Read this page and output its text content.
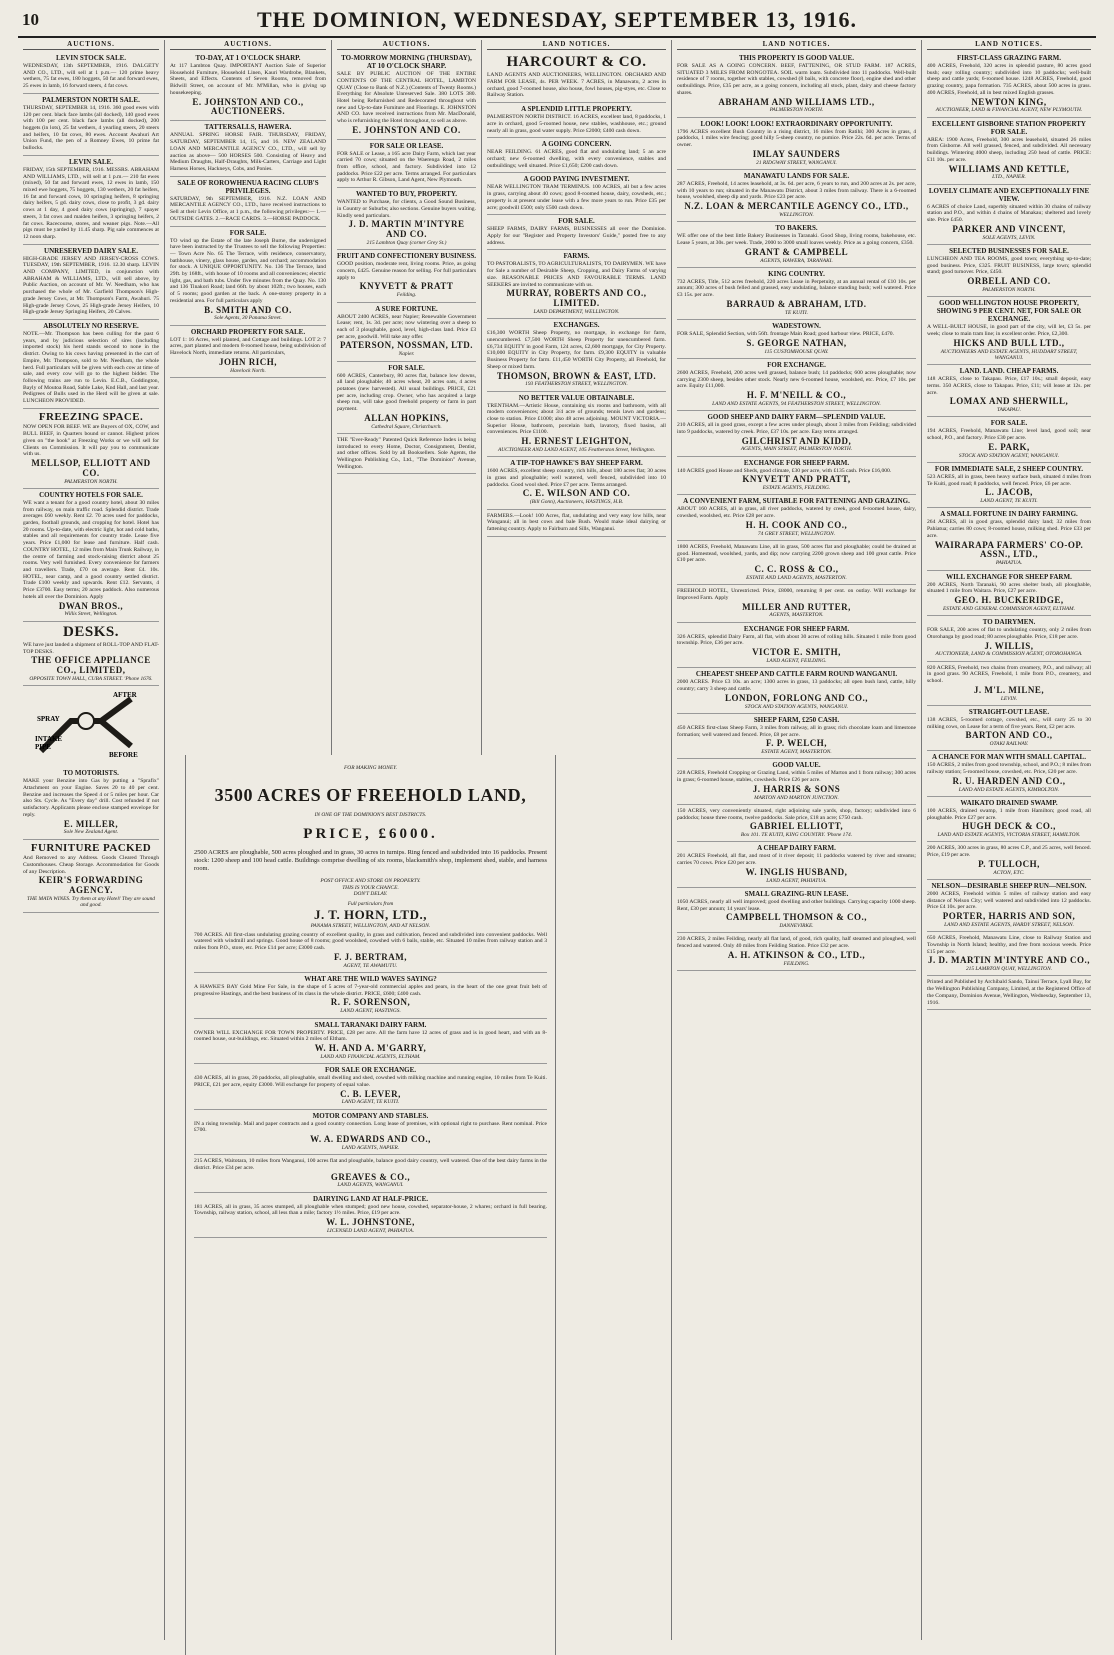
10	THE DOMINION, WEDNESDAY, SEPTEMBER 13, 1916.
AUCTIONS.
LEVIN STOCK SALE.
WEDNESDAY, 13th SEPTEMBER, 1916. DALGETY AND CO., LTD., will sell at 1 p.m.— 120 prime heavy wethers, 75 fat ewes, 180 hoggets, 50 fat and forward ewes, 25 ewes in lamb, 16 forward steers, 4 fat cows.
PALMERSTON NORTH SALE.
THURSDAY, SEPTEMBER 14, 1916. 360 good ewes with 120 per cent. black face lambs (all docked), 140 good ewes with 100 per cent. black face lambs (all docked), 200 hoggets (in lots), 25 fat wethers, 4 yearling steers, 20 steers and heifers, 10 fat cows, 80 ewes. Account Awahuri Art Union Fund, the pen of a Romney Ewes, 10 prime fat bullocks.
LEVIN SALE.
FRIDAY, 15th SEPTEMBER, 1916. MESSRS. ABRAHAM AND WILLIAMS, LTD., will sell at 1 p.m.— 210 fat ewes (mixed), 50 fat and forward ewes, 12 ewes in lamb, 150 mixed ewe hoggets, 75 hoggets, 130 wethers, 20 fat heifers, 16 fat and forward cows, 10 springing heifers, 8 springing dairy heifers, 5 gd. dairy cows, close to profit, 3 gd. dairy cows at 1 day, 4 good dairy cows (springing), 7 spayer steers, 3 fat cows and maiden heifers, 3 springing heifers, 2 fat cows. Racecourse, stores, and weaner pigs. Note.—All pigs must be yarded by 11.45 sharp. Pig sale commences at 12 noon sharp.
UNRESERVED DAIRY SALE.
HIGH-GRADE JERSEY AND JERSEY-CROSS COWS. TUESDAY, 19th SEPTEMBER, 1916. 12.30 sharp. LEVIN AND COMPANY, LIMITED, in conjunction with ABRAHAM & WILLIAMS, LTD., will sell above, by Public Auction, on account of Mr. W. Needham, who has purchased the whole of Mr. Garfield Thompson's High-grade Jersey Cows, at Mr. Thompson's Farm, Awahuri. 75 High-grade Jersey Cows, 25 High-grade Jersey Heifers, 10 High-grade Jersey Springing Heifers, 20 Calves.
ABSOLUTELY NO RESERVE.
NOTE.—Mr. Thompson has been culling for the past 6 years, and by judicious selection of sires (including imported stock) his herd stands second to none in the district. Owing to his cows having presented in the cart of Empire, Mr. Thompson, sold to Mr. Needham, the whole herd. Full particulars will be given with each cow at time of sale, and every cow will go to the highest bidder. The following trains are run to Levin. E.C.B., Goddington, Bayly of Moutoa Road, Sable Lake, Knd Hall, and last year. Pedigrees of Bulls used in the Herd will be given at sale. LUNCHEON PROVIDED.
FREEZING SPACE.
NOW OPEN FOR BEEF. WE are Buyers of OX, COW, and BULL BEEF, in Quarters bound or cannot. Highest prices given on "the hook" at Freezing Works or we will sell for Clients on Commission. It will pay you to communicate with us.
MELLSOP, ELLIOTT AND CO.
PALMERSTON NORTH.
COUNTRY HOTELS FOR SALE.
WE want a tenant for a good country hotel, about 30 miles from railway, on main traffic road. Splendid district. Trade averages £60 weekly. Rent £2. 70 acres used for paddocks, garden, football grounds, and cropping for hotel. Hotel has 20 rooms. Up-to-date, with electric light, hot and cold baths, stables and all requirements for country trade. Lease five years. Price £1,000 for lease and furniture. Half cash. COUNTRY HOTEL, 12 miles from Main Trunk Railway, in the centre of farming and stock-raising district about 25 rooms. Very well furnished. Every convenience for farmers and travellers. Trade, £70 on average. Rent £4. 10s. HOTEL, near camp, and a good country settled district. Trade £100 weekly and upwards. Rent £12. Servants, 4 Price £3700. Easy terms; 20 acres paddock. Also numerous hotels all over the Dominion. Apply
DWAN BROS.,
Willis Street, Wellington.
DESKS.
WE have just landed a shipment of ROLL-TOP AND FLAT-TOP DESKS.
THE OFFICE APPLIANCE CO., LIMITED,
OPPOSITE TOWN HALL, CUBA STREET. 'Phone 1676.
AFTER
SPRAY
INTAKE
PIPE
BEFORE
TO MOTORISTS.
MAKE your Benzine into Gas by putting a "Sprafix" Attachment on your Engine. Saves 20 to 40 per cent. Benzine and increases the Speed 4 or 5 miles per hour. Car also Sts. Cycle. As "Every day" drill. Cost refunded if not satisfactory. Applicants please enclose stamped envelope for reply.
E. MILLER,
Sole New Zealand Agent.
FURNITURE PACKED
And Removed to any Address. Goods Cleared Through Customhouses. Cheap Storage. Accommodation for Goods of any Description.
KEIR'S FORWARDING AGENCY.
THE MATA WINES. Try them at any Hotel! They are sound and good.
AUCTIONS.
TO-DAY, AT 1 O'CLOCK SHARP.
At 117 Lambton Quay. IMPORTANT Auction Sale of Superior Household Furniture, Household Linen, Kauri Wardrobe, Blankets, Sheets, and Effects. Contents of Seven Rooms, removed from Bidwill Street, on account of Mr. M'Millan, who is giving up housekeeping.
E. JOHNSTON AND CO., AUCTIONEERS.
TATTERSALLS, HAWERA.
ANNUAL SPRING HORSE FAIR. THURSDAY, FRIDAY, SATURDAY, SEPTEMBER 14, 15, and 16. NEW ZEALAND LOAN AND MERCANTILE AGENCY CO., LTD., will sell by auction as above— 500 HORSES 500. Consisting of Heavy and Medium Draughts, Half-Draughts, Milk-Carters, Carriage and Light Harness Horses, Hackneys, Cobs, and Ponies.
SALE OF ROROWHENUA RACING CLUB'S PRIVILEGES.
SATURDAY, 9th SEPTEMBER, 1916. N.Z. LOAN AND MERCANTILE AGENCY CO., LTD., have received instructions to Sell at their Levin Office, at 1 p.m., the following privileges:— 1.—OUTSIDE GATES. 2.—RACE CARDS. 3.—HORSE PADDOCK.
FOR SALE.
TO wind up the Estate of the late Joseph Burne, the undersigned have been instructed by the Trustees to sell the following Properties:— Town Acre No. 65 The Terrace, with residence, conservatory, bathhouse, vinery, glass house, garden, and orchard; accommodation for stock. A UNIQUE OPPORTUNITY. No. 136 The Terrace, land 29ft. by 168ft., with house of 10 rooms and all conveniences; electric light, gas, and bath tubs. Under five minutes from the Quay. No. 130 and 136 Tinakori Road; land 66ft. by about 102ft.; two houses, each of 5 rooms; good garden at the back. A one-storey property in a residential area. For full particulars apply
B. SMITH AND CO.
Sole Agents, 30 Panama Street.
ORCHARD PROPERTY FOR SALE.
LOT 1: 16 Acres, well planted, and Cottage and buildings. LOT 2: 7 acres, part planted and modern 8-roomed house, being subdivision of Havelock North, immediate returns. All particulars,
JOHN RICH,
Havelock North.
AUCTIONS.
TO-MORROW MORNING (THURSDAY), AT 10 O'CLOCK SHARP.
SALE BY PUBLIC AUCTION OF THE ENTIRE CONTENTS OF THE CENTRAL HOTEL, LAMBTON QUAY (Close to Bank of N.Z.) (Contents of Twenty Rooms.) Everything for Absolute Unreserved Sale. 380 LOTS 380. Hotel being Refurnished and Redecorated throughout with new and Up-to-date Furniture and Floorings. E. JOHNSTON AND CO. have received instructions from Mr. MacDonald, who is refurnishing the Hotel throughout, to sell as above.
E. JOHNSTON AND CO.
FOR SALE OR LEASE.
FOR SALE or Lease, a 165 acre Dairy Farm, which last year carried 70 cows; situated on the Waerenga Road, 2 miles from office, school, and factory. Subdivided into 12 paddocks. Price £22 per acre. Terms arranged. For particulars apply to Arthur R. Gibson, Land Agent, New Plymouth.
WANTED TO BUY, PROPERTY.
WANTED to Purchase, for clients, a Good Sound Business, in Country or Suburbs; also sections. Genuine buyers waiting. Kindly send particulars.
J. D. MARTIN M'INTYRE AND CO.
215 Lambton Quay (corner Grey St.)
FRUIT AND CONFECTIONERY BUSINESS.
GOOD position, moderate rent, living rooms. Price, as going concern, £425. Genuine reason for selling. For full particulars apply to
KNYVETT & PRATT
Feilding.
A SURE FORTUNE.
ABOUT 2400 ACRES, near Napier; Renewable Government Lease; rent, 1s. 3d. per acre; now wintering over a sheep to each of 3 ploughable, good, level, high-class land. Price £3 per acre, goodwill. Will take any offer.
PATERSON, NOSSMAN, LTD.
Napier.
FOR SALE.
600 ACRES, Canterbury, 80 acres flat, balance low downs, all land ploughable; 40 acres wheat, 20 acres oats, 4 acres potatoes (new harvested). All usual buildings. PRICE, £21 per acre, including crop. Owner, who has acquired a large sheep run, will take good freehold property or farm in part payment.
ALLAN HOPKINS,
Cathedral Square, Christchurch.
THE "Ever-Ready" Patented Quick Reference Index is being introduced to every Home, Doctor, Consignment, Dentist, and other offices. Sold by all Booksellers. Sole Agents, the Wellington Publishing Co., Ltd., "The Dominion" Avenue, Wellington.
LAND NOTICES.
HARCOURT & CO.
LAND AGENTS AND AUCTIONEERS, WELLINGTON. ORCHARD AND FARM FOR LEASE, 4s. PER WEEK. 7 ACRES, in Manawatu, 2 acres in orchard, good 7-roomed house, also house, fowl houses, pig-styes, etc. Close to Railway Station.
A SPLENDID LITTLE PROPERTY.
PALMERSTON NORTH DISTRICT. 16 ACRES, excellent land, 8 paddocks, 1 acre in orchard, good 5-roomed house, new stables, washhouse, etc.; ground nearly all in grass, good water supply. Price £2000; £400 cash down.
A GOING CONCERN.
NEAR FEILDING. 61 ACRES, good flat and undulating land; 5 an acre orchard; new 6-roomed dwelling, with every convenience, stables and outbuildings; well situated. Price £1,650; £200 cash down.
A GOOD PAYING INVESTMENT.
NEAR WELLINGTON TRAM TERMINUS. 100 ACRES, all but a few acres in grass, carrying about 40 cows; good 8-roomed house, dairy, cowsheds, etc.; property is at present under lease with a few more years to run. Price £35 per acre; goodwill £500; only £500 cash down.
FOR SALE.
SHEEP FARMS, DAIRY FARMS, BUSINESSES all over the Dominion. Apply for our "Register and Property Investors' Guide," posted free to any address.
FARMS.
TO PASTORALISTS, TO AGRICULTURALISTS, TO DAIRYMEN. WE have for Sale a number of Desirable Sheep, Cropping, and Dairy Farms of varying size. REASONABLE PRICES AND FAVOURABLE TERMS. LAND SEEKERS are invited to communicate with us.
MURRAY, ROBERTS AND CO., LIMITED.
LAND DEPARTMENT, WELLINGTON.
EXCHANGES.
£16,300 WORTH Sheep Property, no mortgage, in exchange for farm, unencumbered. £7,500 WORTH Sheep Property for unencumbered farm. £6,734 EQUITY in good Farm, 124 acres, £2,600 mortgage, for City Property. £10,000 EQUITY in City Property, for farm. £9,300 EQUITY in valuable Business Property for farm. £11,450 WORTH City Property, all Freehold, for Sheep or mixed farm.
THOMSON, BROWN & EAST, LTD.
193 FEATHERSTON STREET, WELLINGTON.
NO BETTER VALUE OBTAINABLE.
TRENTHAM.—Artistic House, containing six rooms and bathroom, with all modern conveniences; about 3/4 acre of grounds; tennis lawn and gardens; close to station. Price £1000; also 48 acres adjoining. MOUNT VICTORIA.—Superior House, bathroom, porcelain bath, lavatory, fixed basins, all conveniences. Price £1100.
H. ERNEST LEIGHTON,
AUCTIONEER AND LAND AGENT, 105 Featherston Street, Wellington.
A TIP-TOP HAWKE'S BAY SHEEP FARM.
1600 ACRES, excellent sheep country, rich hills, about 180 acres flat; 30 acres in grass and ploughable; well watered, well fenced, subdivided into 10 paddocks. Good wool shed. Price £7 per acre. Terms arranged.
C. E. WILSON AND CO.
(Bill Gonn), Auctioneers, HASTINGS, H.B.
FARMERS.—Look! 100 Acres, flat, undulating and very easy low hills, near Wanganui; all in best cows and bale Bush. Would make ideal dairying or fattening country. Apply to Fairburn and Sills, Wanganui.
LAND NOTICES.
THIS PROPERTY IS GOOD VALUE.
FOR SALE AS A GOING CONCERN. BEEF, FATTENING, OR STUD FARM. 187 ACRES, SITUATED 3 MILES FROM RONGOTEA. SOIL warm loam. Subdivided into 11 paddocks. Well-built residence of 7 rooms, together with stables, cowshed (8 bails, with concrete floor), engine shed and other outbuildings. Price, £35 per acre, as a going concern, including all stock, plant, dairy and cheese factory shares.
ABRAHAM AND WILLIAMS LTD.,
PALMERSTON NORTH.
LOOK! LOOK! LOOK! EXTRAORDINARY OPPORTUNITY.
1796 ACRES excellent Bush Country in a rising district, 16 miles from Ratihi; 300 Acres in grass, 4 paddocks, 1 miles wire fencing; good hilly 5-sheep country, no pumice. Price 22s. 6d. per acre. Terms of owner.
IMLAY SAUNDERS
21 RIDGWAY STREET, WANGANUI.
MANAWATU LANDS FOR SALE.
287 ACRES, Freehold, 14 acres leasehold, at 3s. 6d. per acre, 6 years to run, and 200 acres at 2s. per acre, with 10 years to run; situated in the Manawatu District, about 3 miles from railway. There is a 6-roomed house, woolshed, sheep dip and yards. Price £23 per acre.
N.Z. LOAN & MERCANTILE AGENCY CO., LTD.,
WELLINGTON.
TO BAKERS.
WE offer one of the best little Bakery Businesses in Taranaki. Good Shop, living rooms, bakehouse, etc. Lease 5 years, at 30s. per week. Trade, 2000 to 3000 small loaves weekly. Price as a going concern, £350.
GRANT & CAMPBELL
AGENTS, HAWERA, TARANAKI.
KING COUNTRY.
732 ACRES, Title, 512 acres freehold, 220 acres Lease in Perpetuity, at an annual rental of £10 10s. per annum; 300 acres of bush felled and grassed, easy undulating, balance standing bush; well watered. Price £3 15s. per acre.
BARRAUD & ABRAHAM, LTD.
TE KUITI.
WADESTOWN.
FOR SALE, Splendid Section, with 56ft. frontage Main Road; good harbour view. PRICE, £470.
S. GEORGE NATHAN,
115 CUSTOMHOUSE QUAY.
FOR EXCHANGE.
2600 ACRES, Freehold, 200 acres well grassed, balance bush; 14 paddocks; 600 acres ploughable; now carrying 2300 sheep, besides other stock. Nearly new 6-roomed house, woolshed, etc. Price, £7 10s. per acre. Equity £11,000.
H. F. M'NEILL & CO.,
LAND AND ESTATE AGENTS, 94 FEATHERSTON STREET, WELLINGTON.
GOOD SHEEP AND DAIRY FARM—SPLENDID VALUE.
210 ACRES, all in good grass, except a few acres under plough, about 3 miles from Feilding; subdivided into 9 paddocks, watered by creek. Price, £37 10s. per acre. Easy terms arranged.
GILCHRIST AND KIDD,
AGENTS, MAIN STREET, PALMERSTON NORTH.
EXCHANGE FOR SHEEP FARM.
140 ACRES good House and Sheds, good climate, £30 per acre, with £135 cash. Price £16,000.
KNYVETT AND PRATT,
ESTATE AGENTS, FEILDING.
A CONVENIENT FARM, SUITABLE FOR FATTENING AND GRAZING.
ABOUT 160 ACRES, all in grass, all river paddocks, watered by creek, good 6-roomed house, dairy, cowshed, woolshed, etc. Price £28 per acre.
H. H. COOK AND CO.,
74 GREY STREET, WELLINGTON.
1800 ACRES, Freehold, Manawatu Line, all in grass, 500 acres flat and ploughable; could be drained at good. Homestead, woolshed, yards, and dip; now carrying 2200 grown sheep and 100 great cattle. Price £10 per acre.
C. C. ROSS & CO.,
ESTATE AND LAND AGENTS, MASTERTON.
FREEHOLD HOTEL, Unrestricted. Price, £8000, returning 8 per cent. on outlay. Will exchange for Improved Farm. Apply
MILLER AND RUTTER,
AGENTS, MASTERTON.
EXCHANGE FOR SHEEP FARM.
326 ACRES, splendid Dairy Farm, all flat, with about 30 acres of rolling hills. Situated 1 mile from good township. Price, £36 per acre.
VICTOR E. SMITH,
LAND AGENT, FEILDING.
CHEAPEST SHEEP AND CATTLE FARM ROUND WANGANUI.
2000 ACRES. Price £3 10s. an acre; 1300 acres in grass, 13 paddocks; all open bush land, cattle, hilly country; carry 3 sheep and cattle.
LONDON, FORLONG AND CO.,
STOCK AND STATION AGENTS, WANGANUI.
SHEEP FARM, £250 CASH.
450 ACRES first-class Sheep Farm, 3 miles from railway, all in grass; rich chocolate loam and limestone formation; well watered and fenced. Price, £8 per acre.
F. P. WELCH,
ESTATE AGENT, MASTERTON.
GOOD VALUE.
228 ACRES, Freehold Cropping or Grazing Land, within 5 miles of Marton and 1 from railway; 300 acres in grass; 6-roomed house, stables, cowsheds. Price £26 per acre.
J. HARRIS & SONS
MARTON AND MARTON JUNCTION.
150 ACRES, very conveniently situated, right adjoining sale yards, shop, factory; subdivided into 6 paddocks; house three rooms, twelve paddocks. Sale price, £18 an acre; £750 cash.
GABRIEL ELLIOTT,
Box 101. TE KUITI, KING COUNTRY. 'Phone 174.
A CHEAP DAIRY FARM.
201 ACRES Freehold, all flat, and most of it river deposit; 11 paddocks watered by river and streams; carries 70 cows. Price £20 per acre.
W. INGLIS HUSBAND,
LAND AGENT, PAHIATUA.
SMALL GRAZING-RUN LEASE.
1050 ACRES, nearly all well improved; good dwelling and other buildings. Carrying capacity 1000 sheep. Rent, £30 per annum; 14 years' lease.
CAMPBELL THOMSON & CO.,
DANNEVIRKE.
230 ACRES, 2 miles Feilding, nearly all flat land, of good, rich quality, half steamed and ploughed, well fenced and watered. Only 40 miles from Feilding Station. Price £32 per acre.
A. H. ATKINSON & CO., LTD.,
FEILDING.
LAND NOTICES.
FIRST-CLASS GRAZING FARM.
400 ACRES, Freehold, 320 acres in splendid pasture, 80 acres good bush; easy rolling country; subdivided into 10 paddocks; well-built sheep and cattle yards; 6-roomed house. 1248 ACRES, Freehold, good grazing country, papa formation. 735 ACRES, about 500 acres in grass. 400 ACRES, Freehold, all in best mixed English grasses.
NEWTON KING,
AUCTIONEER, LAND & FINANCIAL AGENT, NEW PLYMOUTH.
EXCELLENT GISBORNE STATION PROPERTY FOR SALE.
AREA: 1900 Acres, Freehold, 300 acres leasehold, situated 26 miles from Gisborne. All well grassed, fenced, and subdivided. All necessary buildings. Wintering 4000 sheep, including 250 head of cattle. PRICE: £11 10s. per acre.
WILLIAMS AND KETTLE,
LTD., NAPIER.
LOVELY CLIMATE AND EXCEPTIONALLY FINE VIEW.
6 ACRES of choice Land, superbly situated within 30 chains of railway station and P.O., and within 4 chains of Manakau; sheltered and lovely site. Price £450.
PARKER AND VINCENT,
SOLE AGENTS, LEVIN.
SELECTED BUSINESSES FOR SALE.
LUNCHEON AND TEA ROOMS, good town; everything up-to-date; good business. Price, £325. FRUIT BUSINESS, large town; splendid stand; good turnover. Price, £450.
ORBELL AND CO.
PALMERSTON NORTH.
GOOD WELLINGTON HOUSE PROPERTY, SHOWING 9 PER CENT. NET, FOR SALE OR EXCHANGE.
A WELL-BUILT HOUSE, in good part of the city, will let, £3 5s. per week; close to main tram line; in excellent order. Price, £2,300.
HICKS AND BULL LTD.,
AUCTIONEERS AND ESTATE AGENTS, HUDDART STREET, WANGANUI.
LAND. LAND. CHEAP FARMS.
148 ACRES, close to Takapau. Price, £17 10s.; small deposit, easy terms. 350 ACRES, close to Takapau. Price, £11; will lease at 12s. per acre.
LOMAX AND SHERWILL,
TAKAPAU.
FOR SALE.
194 ACRES, Freehold, Manawatu Line; level land, good soil; near school, P.O., and factory. Price £30 per acre.
E. PARK,
STOCK AND STATION AGENT, WANGANUI.
FOR IMMEDIATE SALE, 2 SHEEP COUNTRY.
523 ACRES, all in grass, been heavy surface bush, situated 4 miles from Te Kuiti, good road; 8 paddocks, well fenced. Price, £6 per acre.
L. JACOB,
LAND AGENT, TE KUITI.
A SMALL FORTUNE IN DAIRY FARMING.
264 ACRES, all in good grass, splendid dairy land; 32 miles from Pahiatua; carries 80 cows; 8-roomed house, milking shed. Price £33 per acre.
WAIRARAPA FARMERS' CO-OP. ASSN., LTD.,
PAHIATUA.
WILL EXCHANGE FOR SHEEP FARM.
200 ACRES, North Taranaki, 90 acres shelter bush, all ploughable, situated 1 mile from Waitara. Price, £27 per acre.
GEO. H. BUCKERIDGE,
ESTATE AND GENERAL COMMISSION AGENT, ELTHAM.
TO DAIRYMEN.
FOR SALE, 200 acres of flat to undulating country, only 2 miles from Otorohanga by good road; 80 acres ploughable. Price, £18 per acre.
J. WILLIS,
AUCTIONEER, LAND & COMMISSION AGENT, OTOROHANGA.
820 ACRES, Freehold, two chains from creamery, P.O., and railway; all in good grass. 90 ACRES, Freehold, 1 mile from P.O., creamery, and school.
J. M'L. MILNE,
LEVIN.
STRAIGHT-OUT LEASE.
138 ACRES, 5-roomed cottage, cowshed, etc., will carry 25 to 30 milking cows, on Lease for a term of five years. Rent, £2 per acre.
BARTON AND CO.,
OTAKI RAILWAY.
A CHANCE FOR MAN WITH SMALL CAPITAL.
150 ACRES, 2 miles from good township, school, and P.O.; 8 miles from railway station; 5-roomed house, cowshed, etc. Price, £20 per acre.
R. U. HARDEN AND CO.,
LAND AND ESTATE AGENTS, KIMBOLTON.
WAIKATO DRAINED SWAMP.
100 ACRES, drained swamp, 1 mile from Hamilton; good road, all ploughable. Price £27 per acre.
HUGH DECK & CO.,
LAND AND ESTATE AGENTS, VICTORIA STREET, HAMILTON.
200 ACRES, 300 acres in grass, 80 acres C.P., and 25 acres, well fenced. Price, £19 per acre.
P. TULLOCH,
ACTON, ETC.
NELSON—DESIRABLE SHEEP RUN—NELSON.
2000 ACRES, Freehold within 5 miles of railway station and easy distance of Nelson City; well watered and subdivided into 12 paddocks. Price £4 10s. per acre.
PORTER, HARRIS AND SON,
LAND AND ESTATE AGENTS, HARDY STREET, NELSON.
650 ACRES, Freehold, Manawatu Line, close to Railway Station and Township in North Island; healthy, and free from noxious weeds. Price £15 per acre.
J. D. MARTIN M'INTYRE AND CO.,
215 LAMBTON QUAY, WELLINGTON.
Printed and Published by Archibald Sando, Tainui Terrace, Lyall Bay, for the Wellington Publishing Company, Limited, at the Registered Office of the Company, Dominion Avenue, Wellington, Wednesday, September 13, 1916.
FOR MAKING MONEY.
3500 ACRES OF FREEHOLD LAND,
IN ONE OF THE DOMINION'S BEST DISTRICTS.
PRICE, £6000.
2500 ACRES are ploughable, 500 acres ploughed and in grass, 30 acres in turnips. Ring fenced and subdivided into 16 paddocks. Present stock: 1200 sheep and 100 head cattle. Buildings comprise dwelling of six rooms, blacksmith's shop, implement shed, stable, and harness room.
POST OFFICE AND STORE ON PROPERTY.
THIS IS YOUR CHANCE.
DON'T DELAY.
Full particulars from
J. T. HORN, LTD.,
PANAMA STREET, WELLINGTON, AND AT NELSON.
700 ACRES. All first-class undulating grazing country of excellent quality, in grass and cultivation, fenced and subdivided into convenient paddocks. Well watered with windmill and springs. Good house of 8 rooms; good woolshed, cowshed with 6 bails, stable, etc. Situated 10 miles from railway station and 3 miles from P.O., store, etc. Price £14 per acre; £3000 cash.
F. J. BERTRAM,
AGENT, TE AWAMUTU.
WHAT ARE THE WILD WAVES SAYING?
A HAWKE'S BAY Gold Mine For Sale, in the shape of 5 acres of 7-year-old commercial apples and pears, in the heart of the one great fruit belt of progressive Hastings, and the best business of its class in the whole district. PRICE, £600; £400 cash.
R. F. SORENSON,
LAND AGENT, HASTINGS.
SMALL TARANAKI DAIRY FARM.
OWNER WILL EXCHANGE FOR TOWN PROPERTY. PRICE, £28 per acre. All the farm have 12 acres of grass and is in good heart, and with an 8-roomed house, out-buildings, etc. Situated within 2 miles of Eltham.
W. H. AND A. M'GARRY,
LAND AND FINANCIAL AGENTS, ELTHAM.
FOR SALE OR EXCHANGE.
430 ACRES, all in grass, 20 paddocks, all ploughable, small dwelling and shed, cowshed with milking machine and running engine, 10 miles from Te Kuiti. PRICE, £21 per acre, equity £3000. Will exchange for property of equal value.
C. B. LEVER,
LAND AGENT, TE KUITI.
MOTOR COMPANY AND STABLES.
IN a rising township. Mail and paper contracts and a good country connection. Long lease of premises, with optional right to purchase. Rent nominal. Price £700.
W. A. EDWARDS AND CO.,
LAND AGENTS, NAPIER.
215 ACRES, Waitotara, 10 miles from Wanganui, 100 acres flat and ploughable, balance good dairy country, well watered. One of the best dairy farms in the district. Price £34 per acre.
GREAVES & CO.,
LAND AGENTS, WANGANUI.
DAIRYING LAND AT HALF-PRICE.
181 ACRES, all in grass, 35 acres stumped, all ploughable when stumped; good new house, cowshed, separator-house, 2 whares; orchard in full bearing. Township, railway station, school, all less than a mile; factory 1½ miles. Price, £19 per acre.
W. L. JOHNSTONE,
LICENSED LAND AGENT, PAHIATUA.
